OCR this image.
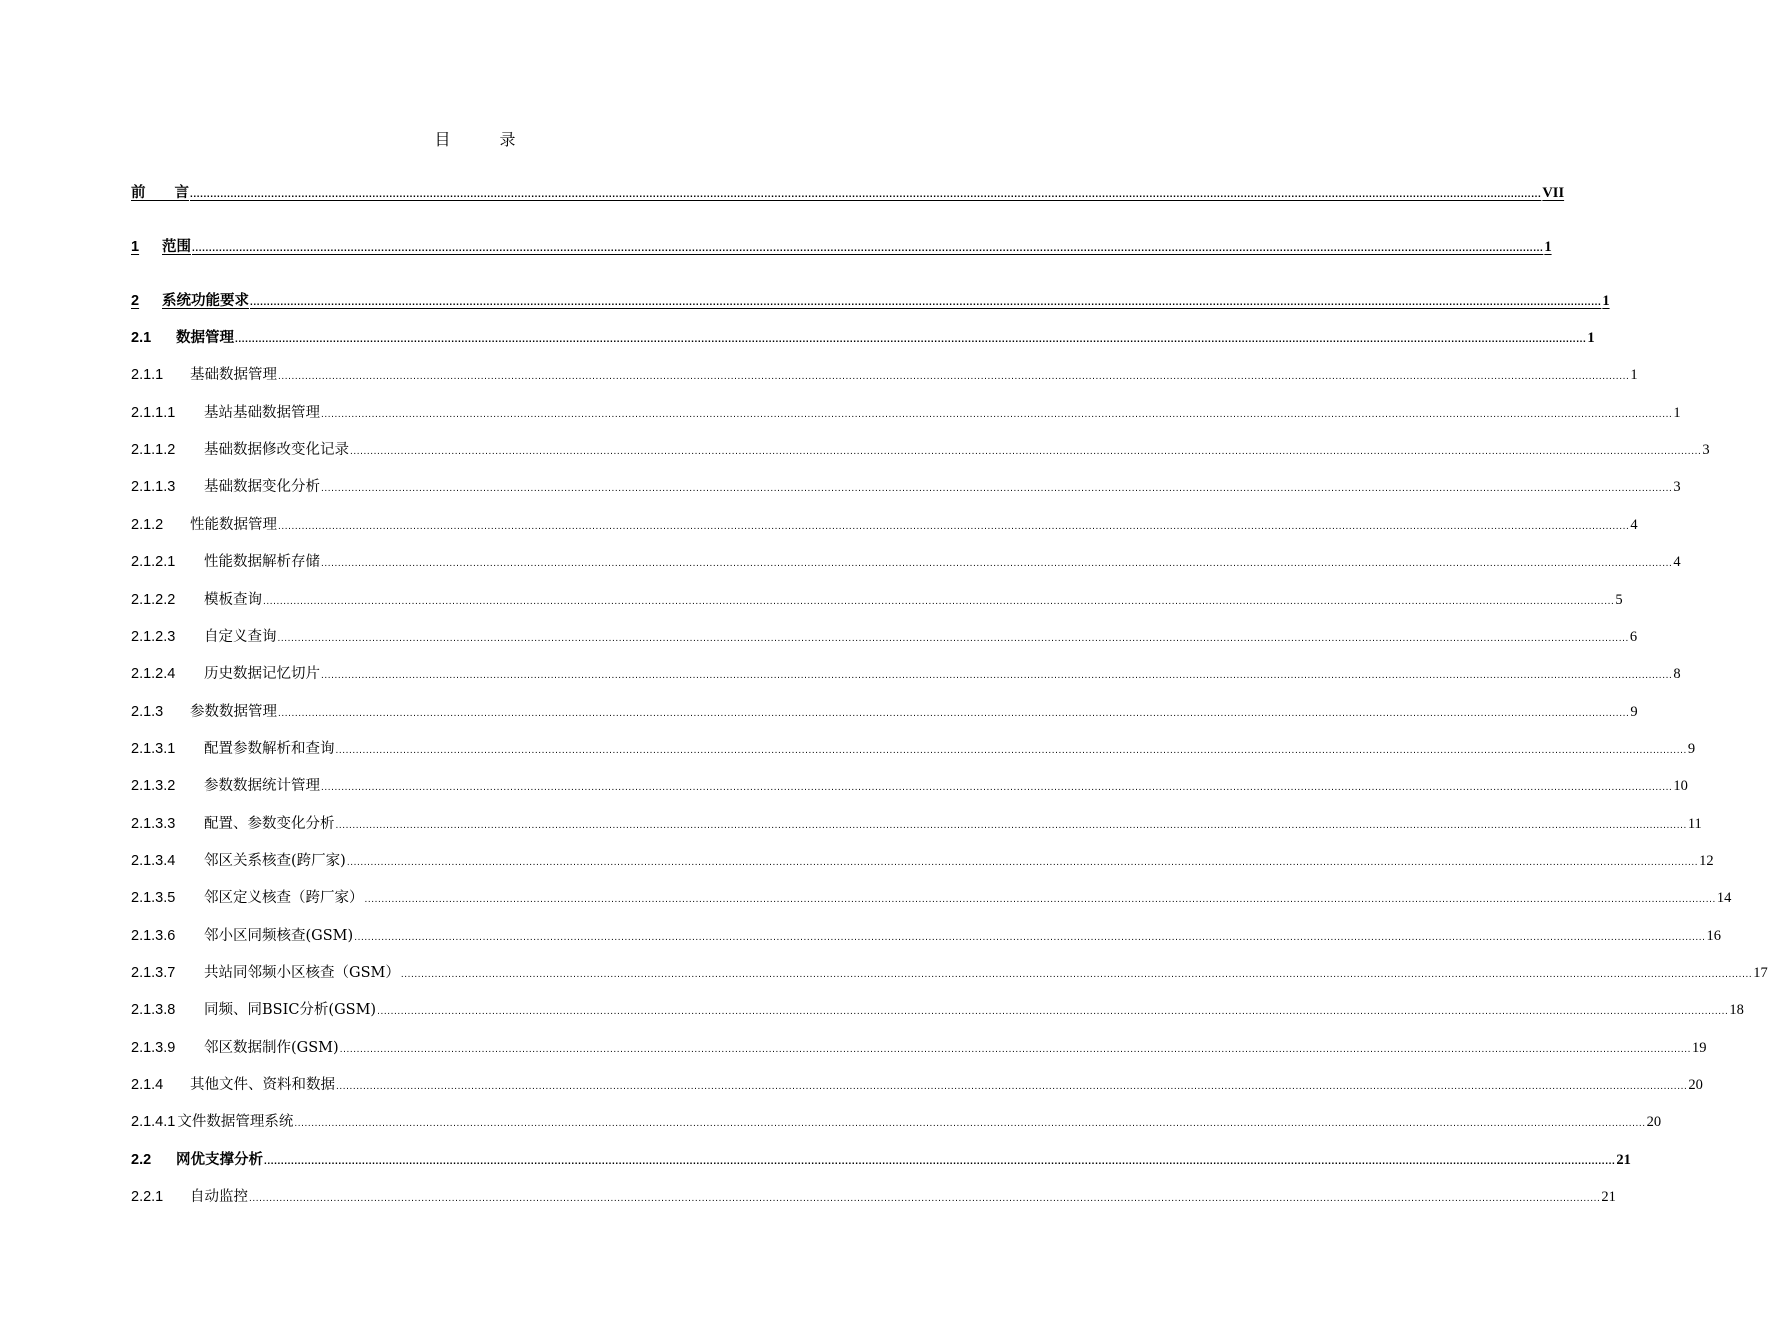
目 录
前　　言 ................................................................................................................................................................................................................................................................................................................................................................................................................ VII
1	范围 ................................................................................................................................................................................................................................................................................................................................................................................................................ 1
2	系统功能要求 ................................................................................................................................................................................................................................................................................................................................................................................................................ 1
2.1	数据管理 ................................................................................................................................................................................................................................................................................................................................................................................................................ 1
2.1.1	基础数据管理 ................................................................................................................................................................................................................................................................................................................................................................................................................ 1
2.1.1.1	基站基础数据管理 ................................................................................................................................................................................................................................................................................................................................................................................................................ 1
2.1.1.2	基础数据修改变化记录 ................................................................................................................................................................................................................................................................................................................................................................................................................ 3
2.1.1.3	基础数据变化分析 ................................................................................................................................................................................................................................................................................................................................................................................................................ 3
2.1.2	性能数据管理 ................................................................................................................................................................................................................................................................................................................................................................................................................ 4
2.1.2.1	性能数据解析存储 ................................................................................................................................................................................................................................................................................................................................................................................................................ 4
2.1.2.2	模板查询 ................................................................................................................................................................................................................................................................................................................................................................................................................ 5
2.1.2.3	自定义查询 ................................................................................................................................................................................................................................................................................................................................................................................................................ 6
2.1.2.4	历史数据记忆切片 ................................................................................................................................................................................................................................................................................................................................................................................................................ 8
2.1.3	参数数据管理 ................................................................................................................................................................................................................................................................................................................................................................................................................ 9
2.1.3.1	配置参数解析和查询 ................................................................................................................................................................................................................................................................................................................................................................................................................ 9
2.1.3.2	参数数据统计管理 ................................................................................................................................................................................................................................................................................................................................................................................................................ 10
2.1.3.3	配置、参数变化分析 ................................................................................................................................................................................................................................................................................................................................................................................................................ 11
2.1.3.4	邻区关系核查(跨厂家) ................................................................................................................................................................................................................................................................................................................................................................................................................ 12
2.1.3.5	邻区定义核查（跨厂家） ................................................................................................................................................................................................................................................................................................................................................................................................................ 14
2.1.3.6	邻小区同频核查(GSM) ................................................................................................................................................................................................................................................................................................................................................................................................................ 16
2.1.3.7	共站同邻频小区核查（GSM） ................................................................................................................................................................................................................................................................................................................................................................................................................ 17
2.1.3.8	同频、同BSIC分析(GSM) ................................................................................................................................................................................................................................................................................................................................................................................................................ 18
2.1.3.9	邻区数据制作(GSM) ................................................................................................................................................................................................................................................................................................................................................................................................................ 19
2.1.4	其他文件、资料和数据 ................................................................................................................................................................................................................................................................................................................................................................................................................ 20
2.1.4.1 文件数据管理系统 ................................................................................................................................................................................................................................................................................................................................................................................................................ 20
2.2	网优支撑分析 ................................................................................................................................................................................................................................................................................................................................................................................................................ 21
2.2.1	自动监控 ................................................................................................................................................................................................................................................................................................................................................................................................................ 21
